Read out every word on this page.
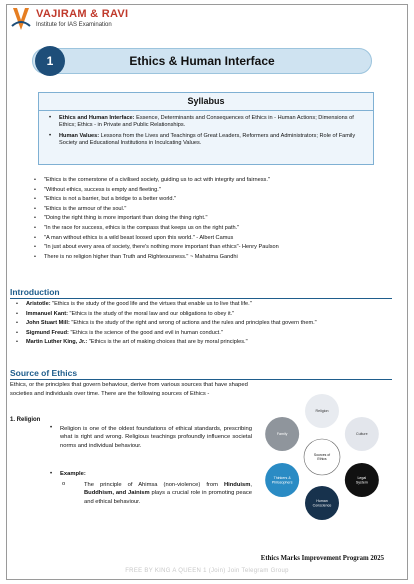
VAJIRAM & RAVI
Institute for IAS Examination
1	Ethics & Human Interface
Syllabus
• Ethics and Human Interface: Essence, Determinants and Consequences of Ethics in - Human Actions; Dimensions of Ethics; Ethics - in Private and Public Relationships.
• Human Values: Lessons from the Lives and Teachings of Great Leaders, Reformers and Administrators; Role of Family Society and Educational Institutions in Inculcating Values.
• "Ethics is the cornerstone of a civilised society, guiding us to act with integrity and fairness."
• "Without ethics, success is empty and fleeting."
• "Ethics is not a barrier, but a bridge to a better world."
• "Ethics is the armour of the soul."
• "Doing the right thing is more important than doing the thing right."
• "In the race for success, ethics is the compass that keeps us on the right path."
• "A man without ethics is a wild beast loosed upon this world." - Albert Camus
• "In just about every area of society, there's nothing more important than ethics"- Henry Paulson
• There is no religion higher than Truth and Righteousness." ~ Mahatma Gandhi
Introduction
• Aristotle: "Ethics is the study of the good life and the virtues that enable us to live that life."
• Immanuel Kant: "Ethics is the study of the moral law and our obligations to obey it."
• John Stuart Mill: "Ethics is the study of the right and wrong of actions and the rules and principles that govern them."
• Sigmund Freud: "Ethics is the science of the good and evil in human conduct."
• Martin Luther King, Jr.: "Ethics is the art of making choices that are by moral principles."
Source of Ethics
Ethics, or the principles that govern behaviour, derive from various sources that have shaped societies and individuals over time. There are the following sources of Ethics -
1. Religion
• Religion is one of the oldest foundations of ethical standards, prescribing what is right and wrong. Religious teachings profoundly influence societal norms and individual behaviour.
• Example:
o	The principle of Ahimsa (non-violence) from Hinduism, Buddhism, and Jainism plays a crucial role in promoting peace and ethical behaviour.
Religion
Culture
Legal System
Human Conscience
Thinkers & Philosophers
Family
Sources of Ethics
Ethics Marks Improvement Program 2025
FREE BY KING A QUEEN 1 (Join) Join Telegram Group
